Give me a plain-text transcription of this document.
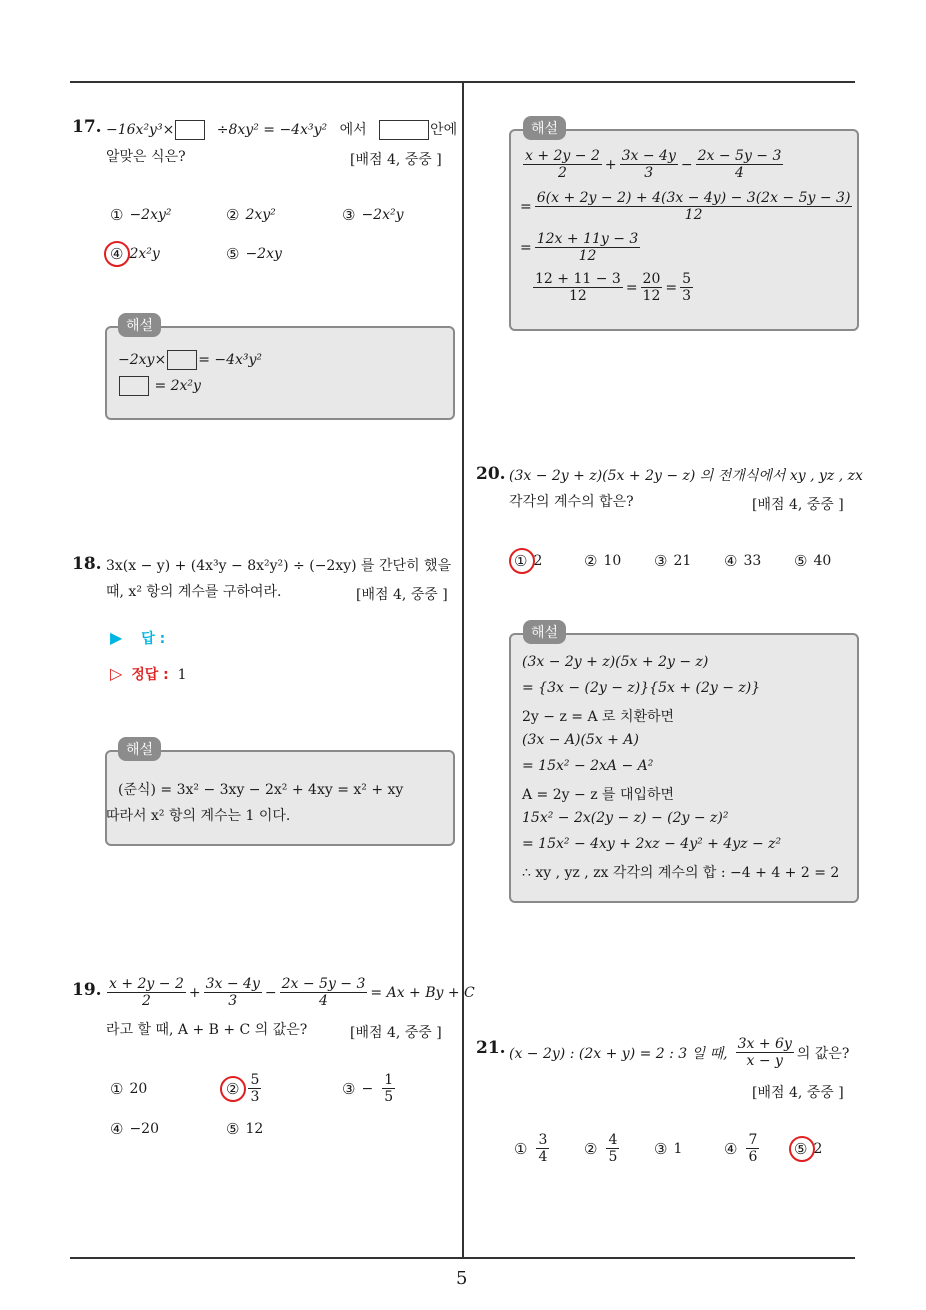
5
17. −16x²y³×	÷8xy² = −4x³y² 에서	안에
알맞은 식은?	[배점 4, 중중 ]
① −2xy²	② 2xy²	③ −2x²y
④ 2x²y	⑤ −2xy
해설
−2xy× = −4x³y²
= 2x²y
18. 3x(x − y) + (4x³y − 8x²y²) ÷ (−2xy) 를 간단히 했을
때, x² 항의 계수를 구하여라.	[배점 4, 중중 ]
▶ 답 :
▷ 정답 : 1
해설
(준식) = 3x² − 3xy − 2x² + 4xy = x² + xy
따라서 x² 항의 계수는 1 이다.
19. $\frac{x + 2y - 2}{2} + \frac{3x - 4y}{3} - \frac{2x - 5y - 3}{4} = Ax + By + C$
라고 할 때, A + B + C 의 값은?	[배점 4, 중중 ]
① 20	② $\frac{5}{3}$	③ − $\frac{1}{5}$
④ −20	⑤ 12
해설
$\frac{x + 2y - 2}{2} + \frac{3x - 4y}{3} - \frac{2x - 5y - 3}{4}$
= $\frac{6(x + 2y - 2) + 4(3x - 4y) - 3(2x - 5y - 3)}{12}$
= $\frac{12x + 11y - 3}{12}$
$\frac{12 + 11 - 3}{12} = \frac{20}{12} = \frac{5}{3}$
20. (3x − 2y + z)(5x + 2y − z) 의 전개식에서 xy , yz , zx
각각의 계수의 합은?	[배점 4, 중중 ]
① 2	② 10 ③ 21 ④ 33 ⑤ 40
해설
(3x − 2y + z)(5x + 2y − z)
= {3x − (2y − z)}{5x + (2y − z)}
2y − z = A 로 치환하면
(3x − A)(5x + A)
= 15x² − 2xA − A²
A = 2y − z 를 대입하면
15x² − 2x(2y − z) − (2y − z)²
= 15x² − 4xy + 2xz − 4y² + 4yz − z²
∴ xy , yz , zx 각각의 계수의 합 : −4 + 4 + 2 = 2
21. (x − 2y) : (2x + y) = 2 : 3 일 때, $\frac{3x + 6y}{x - y}$ 의 값은?
[배점 4, 중중 ]
① $\frac{3}{4}$ ② $\frac{4}{5}$ ③ 1	④ $\frac{7}{6}$ ⑤ 2
